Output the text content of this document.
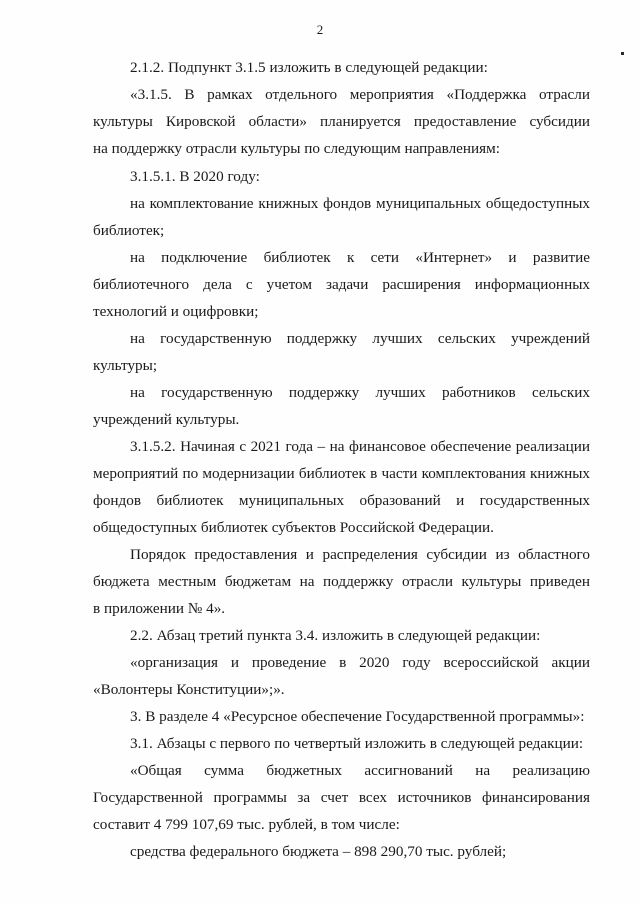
2
2.1.2. Подпункт 3.1.5 изложить в следующей редакции:
«3.1.5. В рамках отдельного мероприятия «Поддержка отрасли
культуры Кировской области» планируется предоставление субсидии
на поддержку отрасли культуры по следующим направлениям:
3.1.5.1. В 2020 году:
на комплектование книжных фондов муниципальных общедоступных
библиотек;
на подключение библиотек к сети «Интернет» и развитие
библиотечного дела с учетом задачи расширения информационных
технологий и оцифровки;
на государственную поддержку лучших сельских учреждений
культуры;
на государственную поддержку лучших работников сельских
учреждений культуры.
3.1.5.2. Начиная с 2021 года – на финансовое обеспечение реализации
мероприятий по модернизации библиотек в части комплектования книжных
фондов библиотек муниципальных образований и государственных
общедоступных библиотек субъектов Российской Федерации.
Порядок предоставления и распределения субсидии из областного
бюджета местным бюджетам на поддержку отрасли культуры приведен
в приложении № 4».
2.2. Абзац третий пункта 3.4. изложить в следующей редакции:
«организация и проведение в 2020 году всероссийской акции
«Волонтеры Конституции»;».
3. В разделе 4 «Ресурсное обеспечение Государственной программы»:
3.1. Абзацы с первого по четвертый изложить в следующей редакции:
«Общая сумма бюджетных ассигнований на реализацию
Государственной программы за счет всех источников финансирования
составит 4 799 107,69 тыс. рублей, в том числе:
средства федерального бюджета – 898 290,70 тыс. рублей;
